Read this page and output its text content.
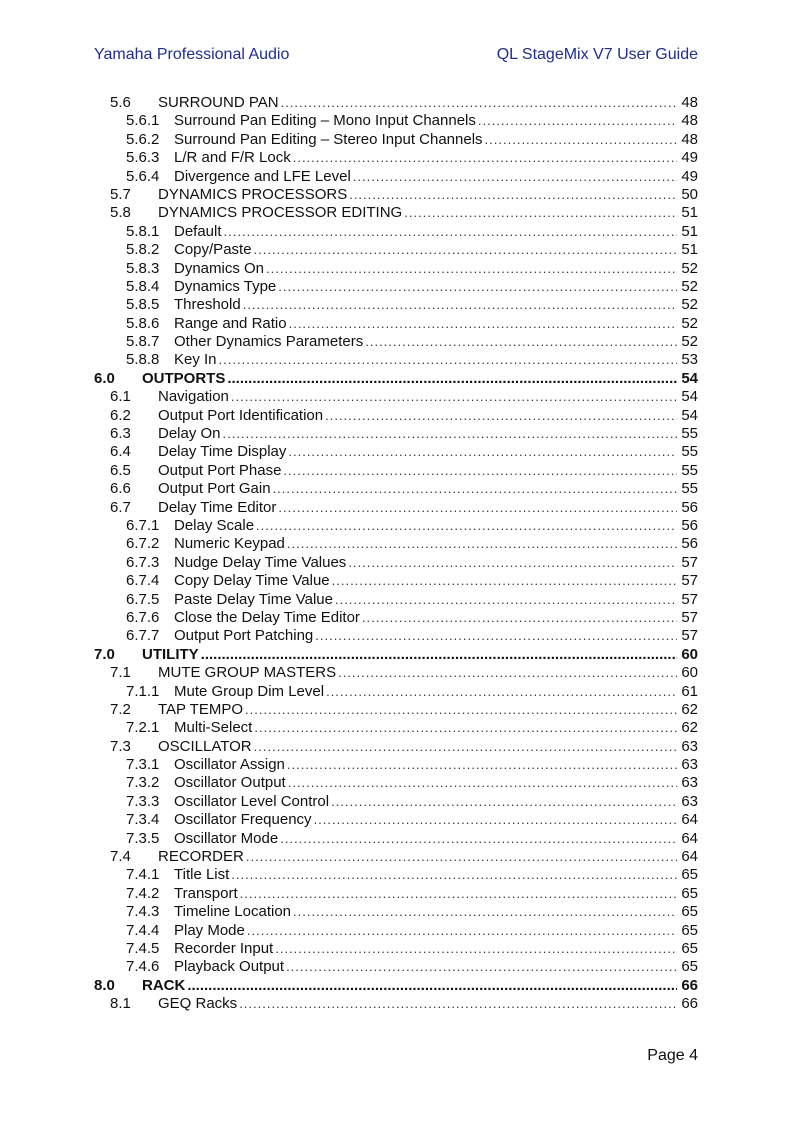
Yamaha Professional Audio	QL StageMix V7 User Guide
5.6	SURROUND PAN .....	48
5.6.1 Surround Pan Editing – Mono Input Channels .....	48
5.6.2 Surround Pan Editing – Stereo Input Channels .....	48
5.6.3 L/R and F/R Lock .....	49
5.6.4 Divergence and LFE Level .....	49
5.7	DYNAMICS PROCESSORS .....	50
5.8	DYNAMICS PROCESSOR EDITING .....	51
5.8.1 Default .....	51
5.8.2 Copy/Paste .....	51
5.8.3 Dynamics On .....	52
5.8.4 Dynamics Type .....	52
5.8.5 Threshold .....	52
5.8.6 Range and Ratio .....	52
5.8.7 Other Dynamics Parameters .....	52
5.8.8 Key In .....	53
6.0	OUTPORTS .....	54
6.1	Navigation .....	54
6.2	Output Port Identification .....	54
6.3	Delay On .....	55
6.4	Delay Time Display .....	55
6.5	Output Port Phase .....	55
6.6	Output Port Gain .....	55
6.7	Delay Time Editor .....	56
6.7.1 Delay Scale .....	56
6.7.2 Numeric Keypad .....	56
6.7.3 Nudge Delay Time Values .....	57
6.7.4 Copy Delay Time Value .....	57
6.7.5 Paste Delay Time Value .....	57
6.7.6 Close the Delay Time Editor .....	57
6.7.7 Output Port Patching .....	57
7.0	UTILITY .....	60
7.1	MUTE GROUP MASTERS .....	60
7.1.1 Mute Group Dim Level .....	61
7.2	TAP TEMPO .....	62
7.2.1 Multi-Select .....	62
7.3	OSCILLATOR .....	63
7.3.1 Oscillator Assign .....	63
7.3.2 Oscillator Output .....	63
7.3.3 Oscillator Level Control .....	63
7.3.4 Oscillator Frequency .....	64
7.3.5 Oscillator Mode .....	64
7.4	RECORDER .....	64
7.4.1 Title List .....	65
7.4.2 Transport .....	65
7.4.3 Timeline Location .....	65
7.4.4 Play Mode .....	65
7.4.5 Recorder Input .....	65
7.4.6 Playback Output .....	65
8.0	RACK .....	66
8.1	GEQ Racks .....	66
Page 4
